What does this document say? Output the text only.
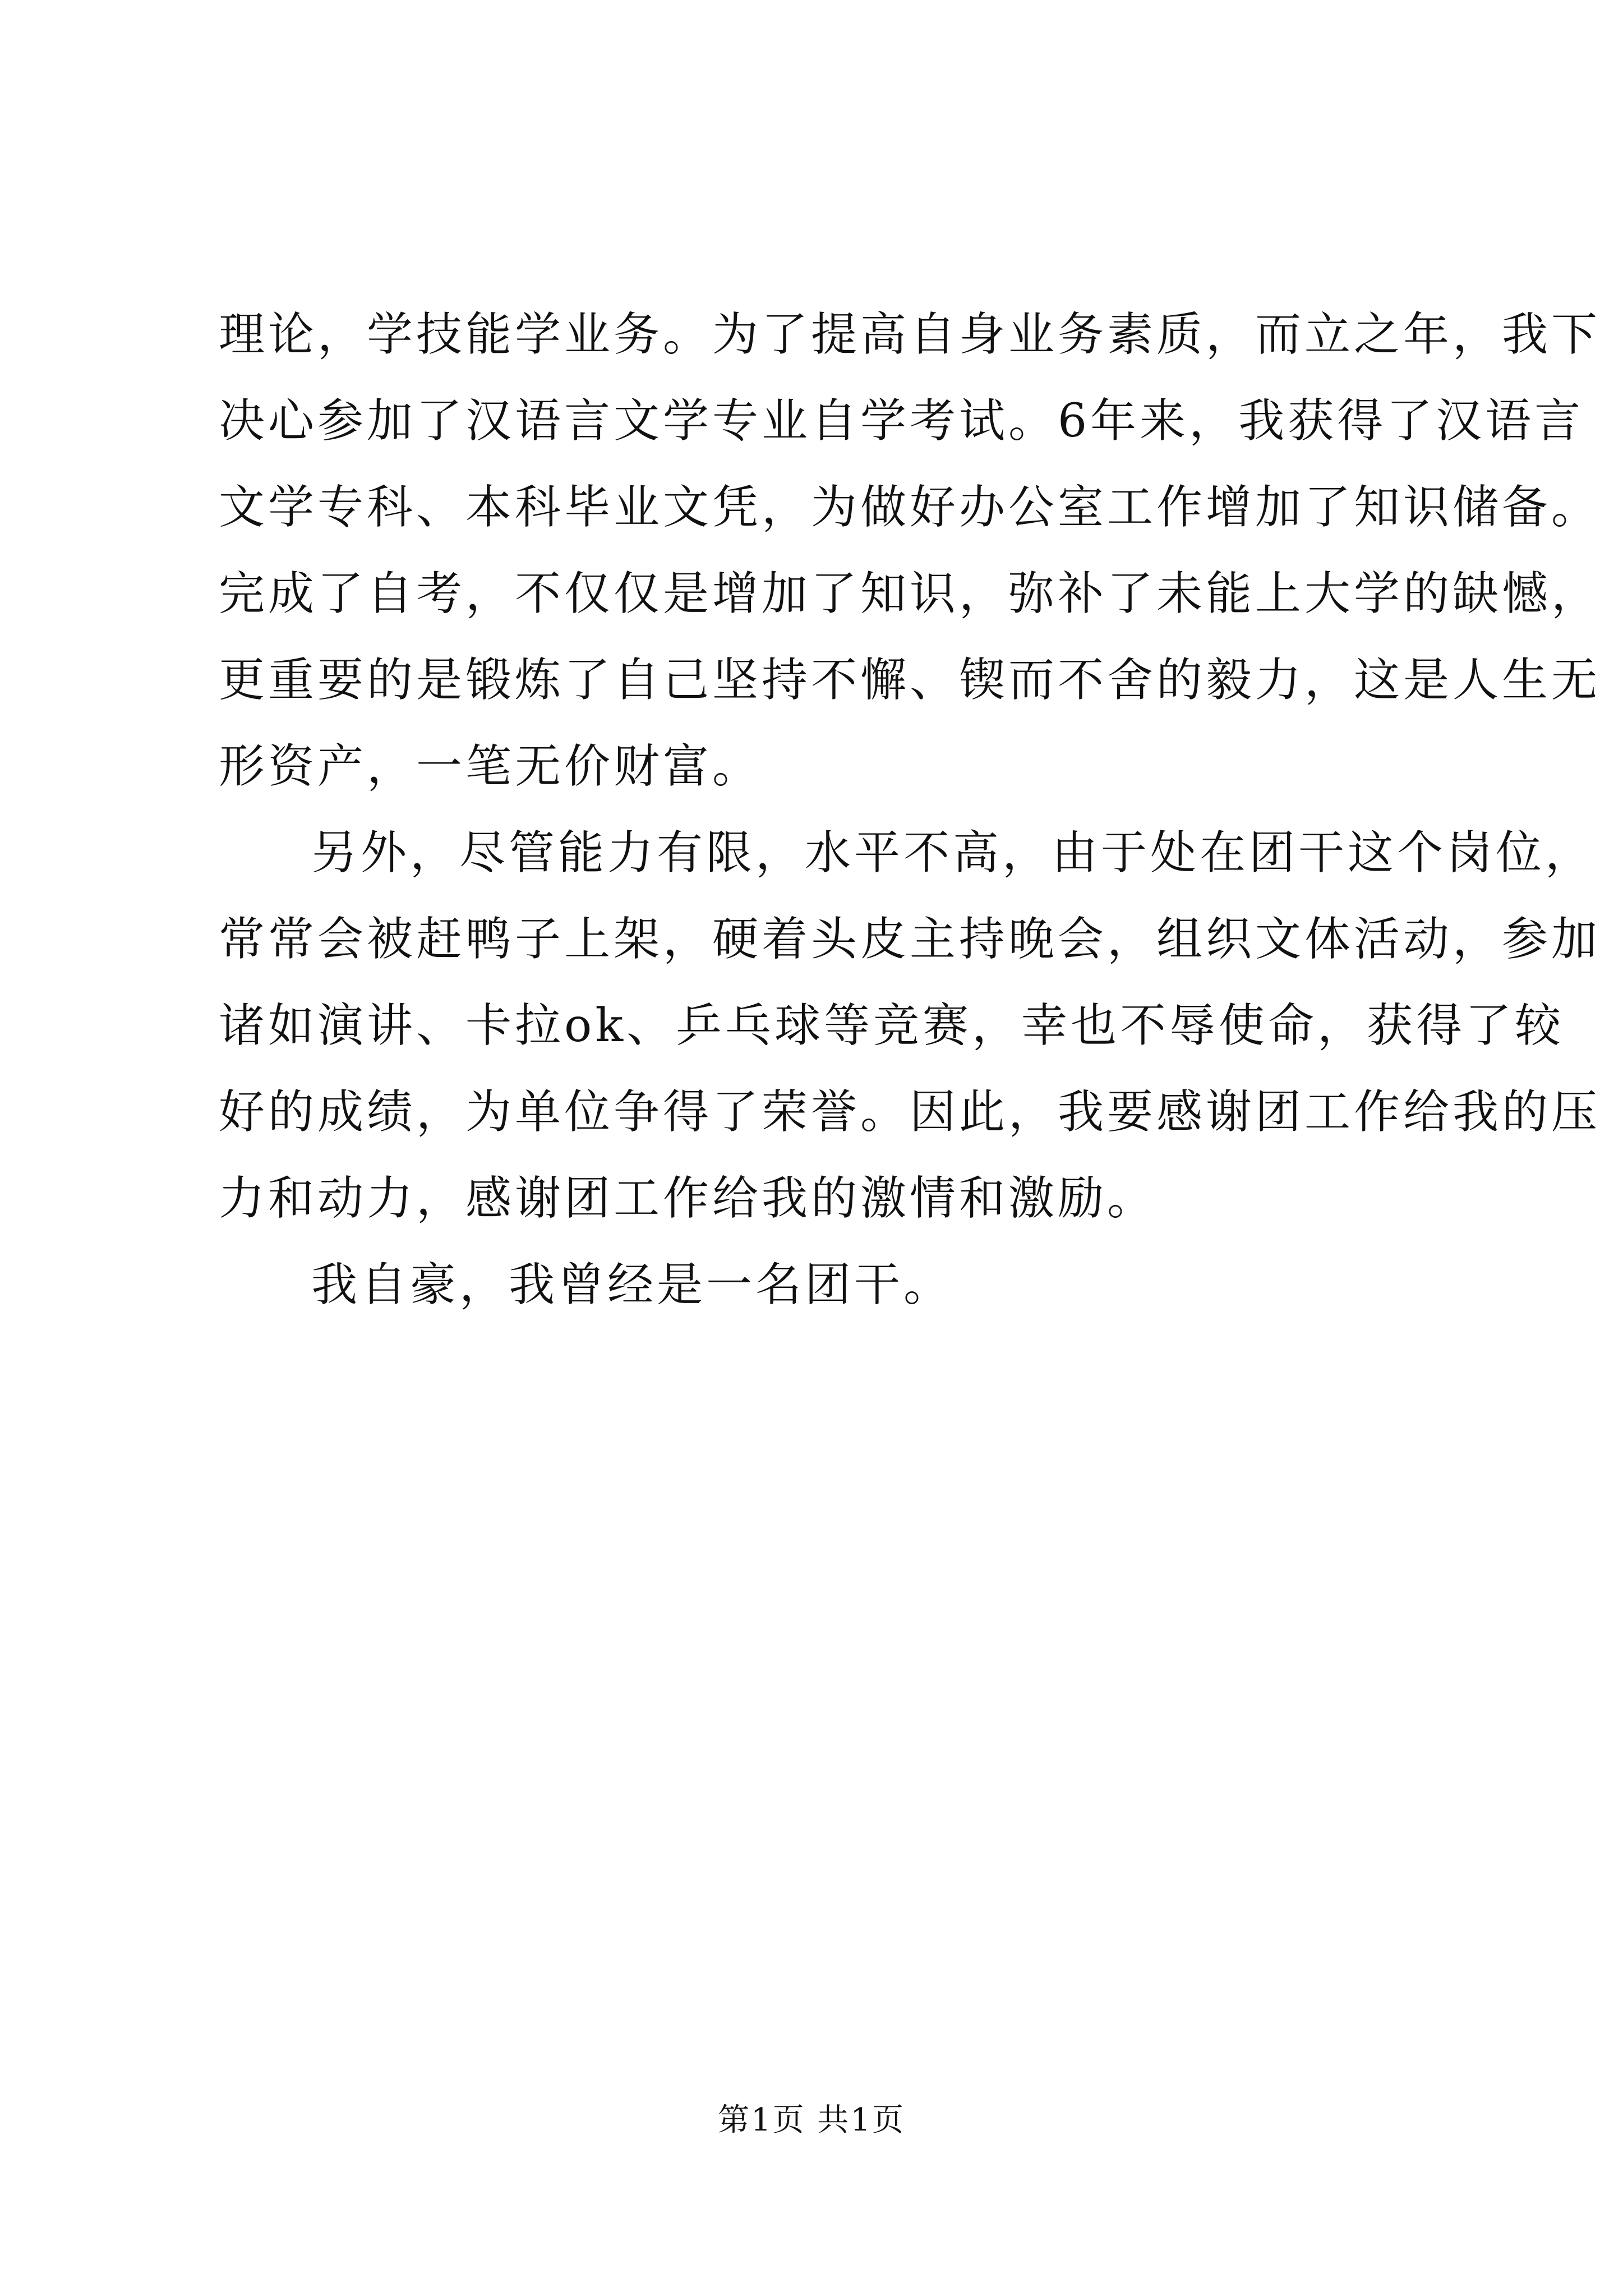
理论，学技能学业务。为了提高自身业务素质，而立之年，我下
决心参加了汉语言文学专业自学考试。6年来，我获得了汉语言
文学专科、本科毕业文凭，为做好办公室工作增加了知识储备。
完成了自考，不仅仅是增加了知识，弥补了未能上大学的缺憾，
更重要的是锻炼了自己坚持不懈、锲而不舍的毅力，这是人生无
形资产，一笔无价财富。
另外，尽管能力有限，水平不高，由于处在团干这个岗位，
常常会被赶鸭子上架，硬着头皮主持晚会，组织文体活动，参加
诸如演讲、卡拉ok、乒乓球等竞赛，幸也不辱使命，获得了较
好的成绩，为单位争得了荣誉。因此，我要感谢团工作给我的压
力和动力，感谢团工作给我的激情和激励。
我自豪，我曾经是一名团干。
第1页 共1页
